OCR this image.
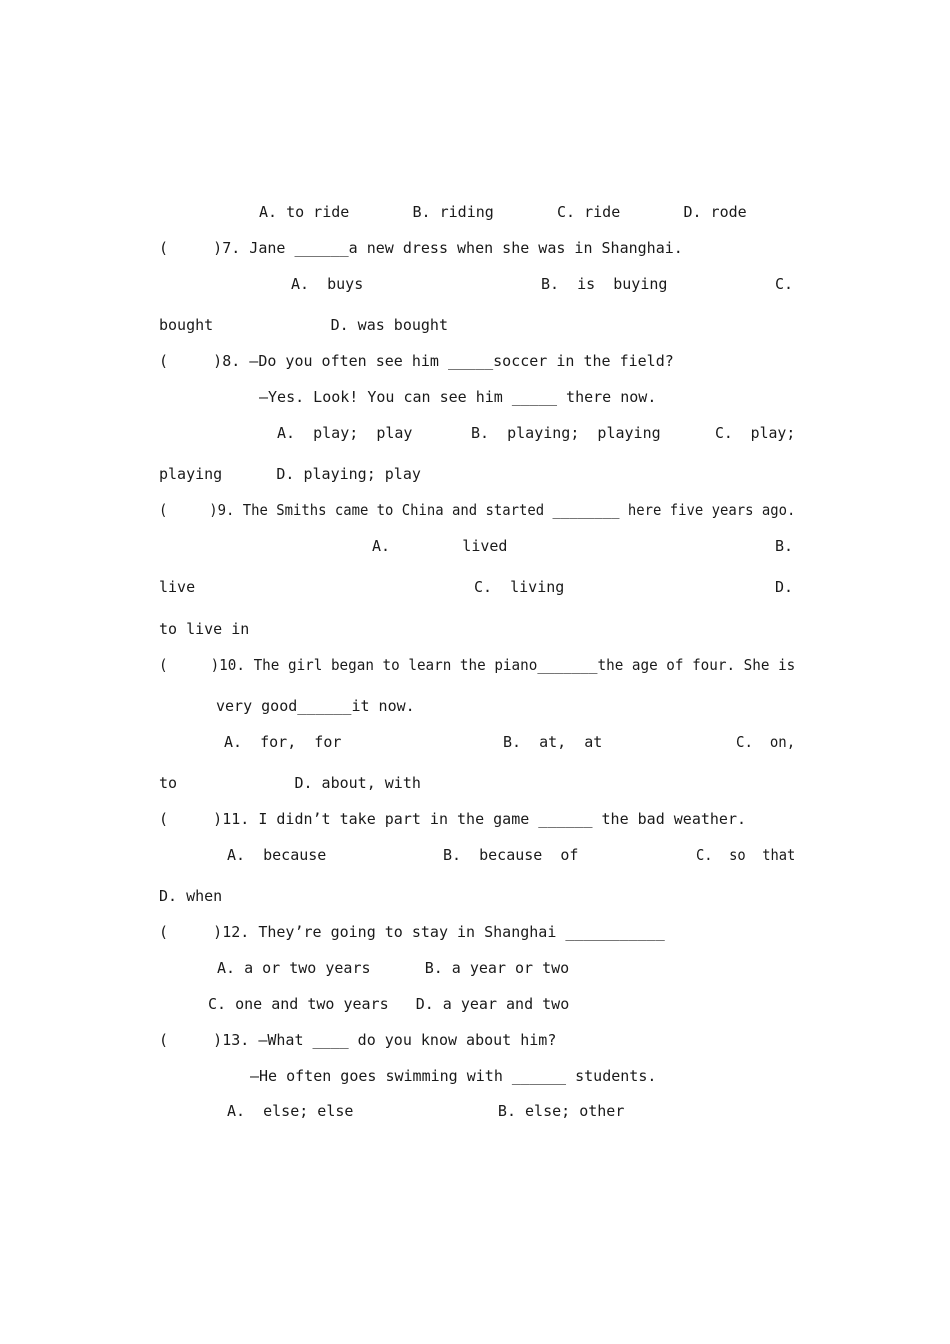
A. to ride       B. riding       C. ride       D. rode
(     )7. Jane ______a new dress when she was in Shanghai.
A.  buys	B.  is  buying	C.
bought             D. was bought
(     )8. —Do you often see him _____soccer in the field?
—Yes. Look! You can see him _____ there now.
A.  play;  play	B.  playing;  playing	C.  play;
playing      D. playing; play
(     )9. The Smiths came to China and started ________ here five years ago.
A.        lived	B.
live	C.  living	D.
to live in
(     )10. The girl began to learn the piano_______the age of four. She is
very good______it now.
A.  for,  for	B.  at,  at	C.  on,
to             D. about, with
(     )11. I didn’t take part in the game ______ the bad weather.
A.  because	B.  because  of	C.  so  that
D. when
(     )12. They’re going to stay in Shanghai ___________
A. a or two years      B. a year or two
C. one and two years   D. a year and two
(     )13. —What ____ do you know about him?
—He often goes swimming with ______ students.
A.  else; else                B. else; other
